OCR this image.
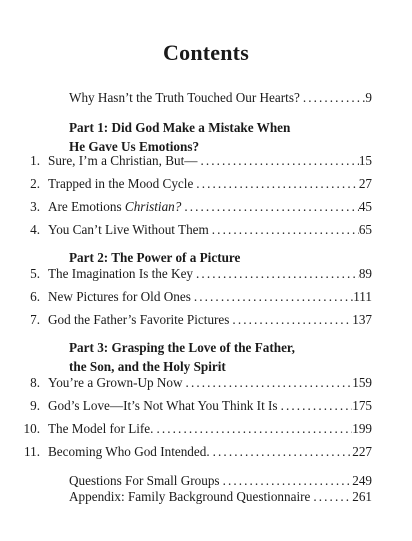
Contents
Why Hasn’t the Truth Touched Our Hearts? . . .	9
Part 1: Did God Make a Mistake When
He Gave Us Emotions?
1. Sure, I’m a Christian, But— . . .	15
2. Trapped in the Mood Cycle . . .	27
3. Are Emotions Christian? . . .	45
4. You Can’t Live Without Them . . .	65
Part 2: The Power of a Picture
5. The Imagination Is the Key . . .	89
6. New Pictures for Old Ones . . .	111
7. God the Father’s Favorite Pictures . . .	137
Part 3: Grasping the Love of the Father,
the Son, and the Holy Spirit
8. You’re a Grown-Up Now . . .	159
9. God’s Love—It’s Not What You Think It Is . . .	175
10. The Model for Life. . . .	199
11. Becoming Who God Intended. . . .	227
Questions For Small Groups . . .	249
Appendix: Family Background Questionnaire . . .	261
